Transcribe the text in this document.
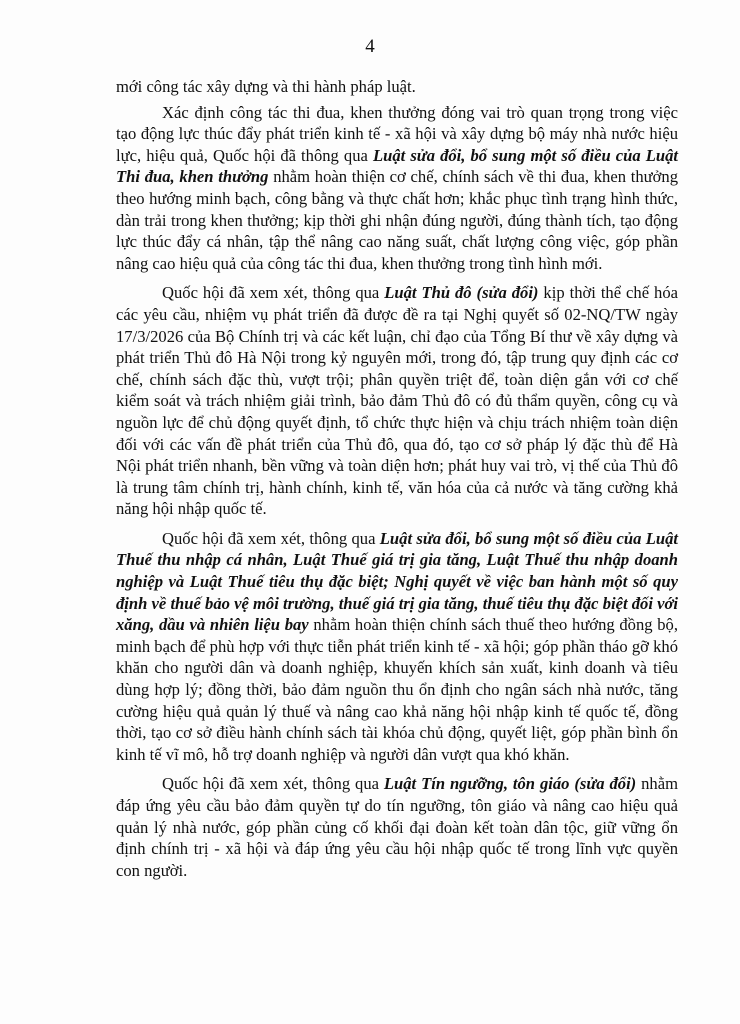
4

mới công tác xây dựng và thi hành pháp luật.

Xác định công tác thi đua, khen thưởng đóng vai trò quan trọng trong việc tạo động lực thúc đẩy phát triển kinh tế - xã hội và xây dựng bộ máy nhà nước hiệu lực, hiệu quả, Quốc hội đã thông qua Luật sửa đổi, bổ sung một số điều của Luật Thi đua, khen thưởng nhằm hoàn thiện cơ chế, chính sách về thi đua, khen thưởng theo hướng minh bạch, công bằng và thực chất hơn; khắc phục tình trạng hình thức, dàn trải trong khen thưởng; kịp thời ghi nhận đúng người, đúng thành tích, tạo động lực thúc đẩy cá nhân, tập thể nâng cao năng suất, chất lượng công việc, góp phần nâng cao hiệu quả của công tác thi đua, khen thưởng trong tình hình mới.

Quốc hội đã xem xét, thông qua Luật Thủ đô (sửa đổi) kịp thời thể chế hóa các yêu cầu, nhiệm vụ phát triển đã được đề ra tại Nghị quyết số 02-NQ/TW ngày 17/3/2026 của Bộ Chính trị và các kết luận, chỉ đạo của Tổng Bí thư về xây dựng và phát triển Thủ đô Hà Nội trong kỷ nguyên mới, trong đó, tập trung quy định các cơ chế, chính sách đặc thù, vượt trội; phân quyền triệt để, toàn diện gắn với cơ chế kiểm soát và trách nhiệm giải trình, bảo đảm Thủ đô có đủ thẩm quyền, công cụ và nguồn lực để chủ động quyết định, tổ chức thực hiện và chịu trách nhiệm toàn diện đối với các vấn đề phát triển của Thủ đô, qua đó, tạo cơ sở pháp lý đặc thù để Hà Nội phát triển nhanh, bền vững và toàn diện hơn; phát huy vai trò, vị thế của Thủ đô là trung tâm chính trị, hành chính, kinh tế, văn hóa của cả nước và tăng cường khả năng hội nhập quốc tế.

Quốc hội đã xem xét, thông qua Luật sửa đổi, bổ sung một số điều của Luật Thuế thu nhập cá nhân, Luật Thuế giá trị gia tăng, Luật Thuế thu nhập doanh nghiệp và Luật Thuế tiêu thụ đặc biệt; Nghị quyết về việc ban hành một số quy định về thuế bảo vệ môi trường, thuế giá trị gia tăng, thuế tiêu thụ đặc biệt đối với xăng, dầu và nhiên liệu bay nhằm hoàn thiện chính sách thuế theo hướng đồng bộ, minh bạch để phù hợp với thực tiễn phát triển kinh tế - xã hội; góp phần tháo gỡ khó khăn cho người dân và doanh nghiệp, khuyến khích sản xuất, kinh doanh và tiêu dùng hợp lý; đồng thời, bảo đảm nguồn thu ổn định cho ngân sách nhà nước, tăng cường hiệu quả quản lý thuế và nâng cao khả năng hội nhập kinh tế quốc tế, đồng thời, tạo cơ sở điều hành chính sách tài khóa chủ động, quyết liệt, góp phần bình ổn kinh tế vĩ mô, hỗ trợ doanh nghiệp và người dân vượt qua khó khăn.

Quốc hội đã xem xét, thông qua Luật Tín ngưỡng, tôn giáo (sửa đổi) nhằm đáp ứng yêu cầu bảo đảm quyền tự do tín ngưỡng, tôn giáo và nâng cao hiệu quả quản lý nhà nước, góp phần củng cố khối đại đoàn kết toàn dân tộc, giữ vững ổn định chính trị - xã hội và đáp ứng yêu cầu hội nhập quốc tế trong lĩnh vực quyền con người.
